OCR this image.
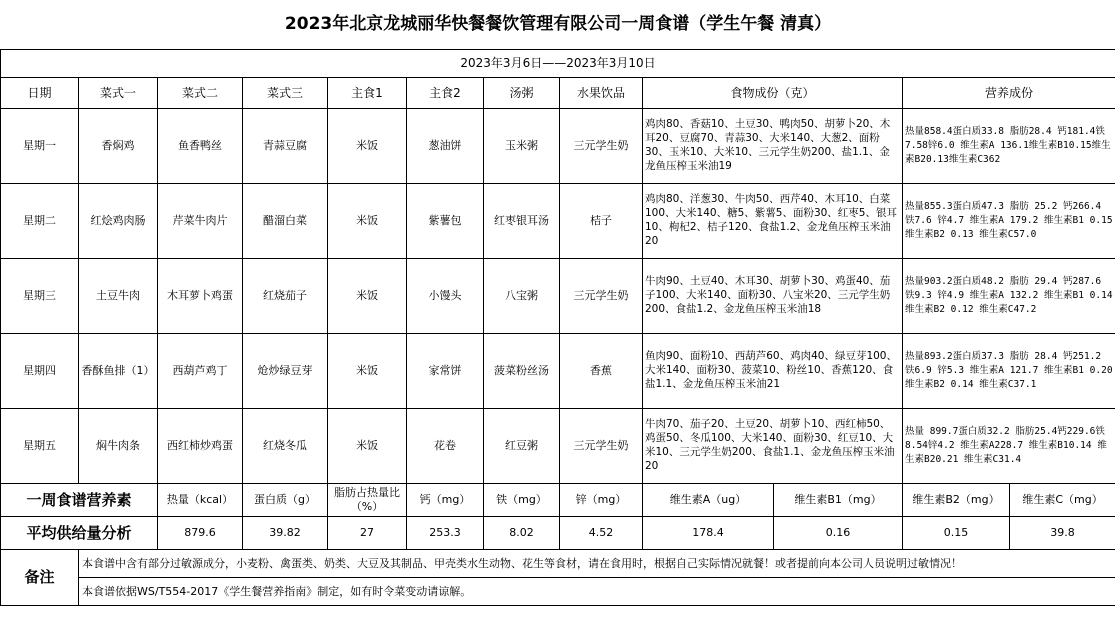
2023年北京龙城丽华快餐餐饮管理有限公司一周食谱（学生午餐 清真）											
2023年3月6日——2023年3月10日											
日期	菜式一	菜式二	菜式三	主食1	主食2	汤粥	水果饮品	食物成份（克）		营养成份	
星期一	香焖鸡	鱼香鸭丝	青蒜豆腐	米饭	葱油饼	玉米粥	三元学生奶	鸡肉80、香菇10、土豆30、鸭肉50、胡萝卜20、木耳20、豆腐70、青蒜30、大米140、大葱2、面粉30、玉米10、大米10、三元学生奶200、盐1.1、金龙鱼压榨玉米油19		热量858.4蛋白质33.8 脂肪28.4 钙181.4铁7.58锌6.0 维生素A 136.1维生素B10.15维生素B20.13维生素C362	
星期二	红烩鸡肉肠	芹菜牛肉片	醋溜白菜	米饭	紫薯包	红枣银耳汤	桔子	鸡肉80、洋葱30、牛肉50、西芹40、木耳10、白菜100、大米140、糖5、紫薯5、面粉30、红枣5、银耳10、枸杞2、桔子120、食盐1.2、金龙鱼压榨玉米油20		热量855.3蛋白质47.3 脂肪 25.2 钙266.4 铁7.6 锌4.7 维生素A 179.2 维生素B1 0.15 维生素B2 0.13 维生素C57.0	
星期三	土豆牛肉	木耳萝卜鸡蛋	红烧茄子	米饭	小馒头	八宝粥	三元学生奶	牛肉90、土豆40、木耳30、胡萝卜30、鸡蛋40、茄子100、大米140、面粉30、八宝米20、三元学生奶200、食盐1.2、金龙鱼压榨玉米油18		热量903.2蛋白质48.2 脂肪 29.4 钙287.6 铁9.3 锌4.9 维生素A 132.2 维生素B1 0.14 维生素B2 0.12 维生素C47.2	
星期四	香酥鱼排（1）	西葫芦鸡丁	炝炒绿豆芽	米饭	家常饼	菠菜粉丝汤	香蕉	鱼肉90、面粉10、西葫芦60、鸡肉40、绿豆芽100、大米140、面粉30、菠菜10、粉丝10、香蕉120、食盐1.1、金龙鱼压榨玉米油21		热量893.2蛋白质37.3 脂肪 28.4 钙251.2 铁6.9 锌5.3 维生素A 121.7 维生素B1 0.20 维生素B2 0.14 维生素C37.1	
星期五	焖牛肉条	西红柿炒鸡蛋	红烧冬瓜	米饭	花卷	红豆粥	三元学生奶	牛肉70、茄子20、土豆20、胡萝卜10、西红柿50、鸡蛋50、冬瓜100、大米140、面粉30、红豆10、大米10、三元学生奶200、食盐1.1、金龙鱼压榨玉米油20		热量 899.7蛋白质32.2 脂肪25.4钙229.6铁8.54锌4.2 维生素A228.7 维生素B10.14 维生素B20.21 维生素C31.4	
一周食谱营养素		热量（kcal）	蛋白质（g）	脂肪占热量比（%）	钙（mg）	铁（mg）	锌（mg）	维生素A（ug）	维生素B1（mg）	维生素B2（mg）	维生素C（mg）
平均供给量分析		879.6	39.82	27	253.3	8.02	4.52	178.4	0.16	0.15	39.8
备注	本食谱中含有部分过敏源成分，小麦粉、禽蛋类、奶类、大豆及其制品、甲壳类水生动物、花生等食材，请在食用时，根据自己实际情况就餐！或者提前向本公司人员说明过敏情况！										
	本食谱依据WS/T554-2017《学生餐营养指南》制定，如有时令菜变动请谅解。										
